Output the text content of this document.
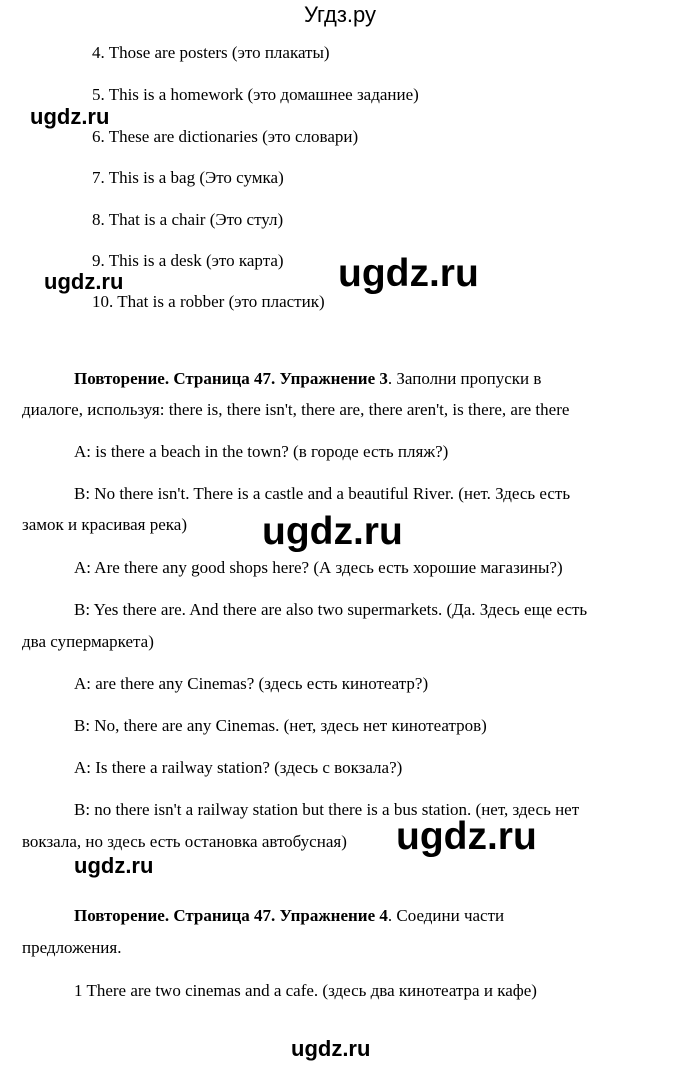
Угдз.ру
4. Those are posters (это плакаты)
5. This is a homework (это домашнее задание)
6. These are dictionaries (это словари)
7. This is a bag (Это сумка)
8. That is a chair (Это стул)
9. This is a desk (это карта)
10. That is a robber (это пластик)
Повторение. Страница 47. Упражнение 3. Заполни пропуски в
диалоге, используя: there is, there isn't, there are, there aren't, is there, are there
A: is there a beach in the town? (в городе есть пляж?)
B: No there isn't. There is a castle and a beautiful River. (нет. Здесь есть
замок и красивая река)
A: Are there any good shops here? (А здесь есть хорошие магазины?)
B: Yes there are. And there are also two supermarkets. (Да. Здесь еще есть
два супермаркета)
A: are there any Cinemas? (здесь есть кинотеатр?)
B: No, there are any Cinemas. (нет, здесь нет кинотеатров)
A: Is there a railway station? (здесь с вокзала?)
B: no there isn't a railway station but there is a bus station. (нет, здесь нет
вокзала, но здесь есть остановка автобусная)
Повторение. Страница 47. Упражнение 4. Соедини части
предложения.
1 There are two cinemas and a cafe. (здесь два кинотеатра и кафе)
ugdz.ru
ugdz.ru	ugdz.ru
ugdz.ru
ugdz.ru
ugdz.ru
ugdz.ru
